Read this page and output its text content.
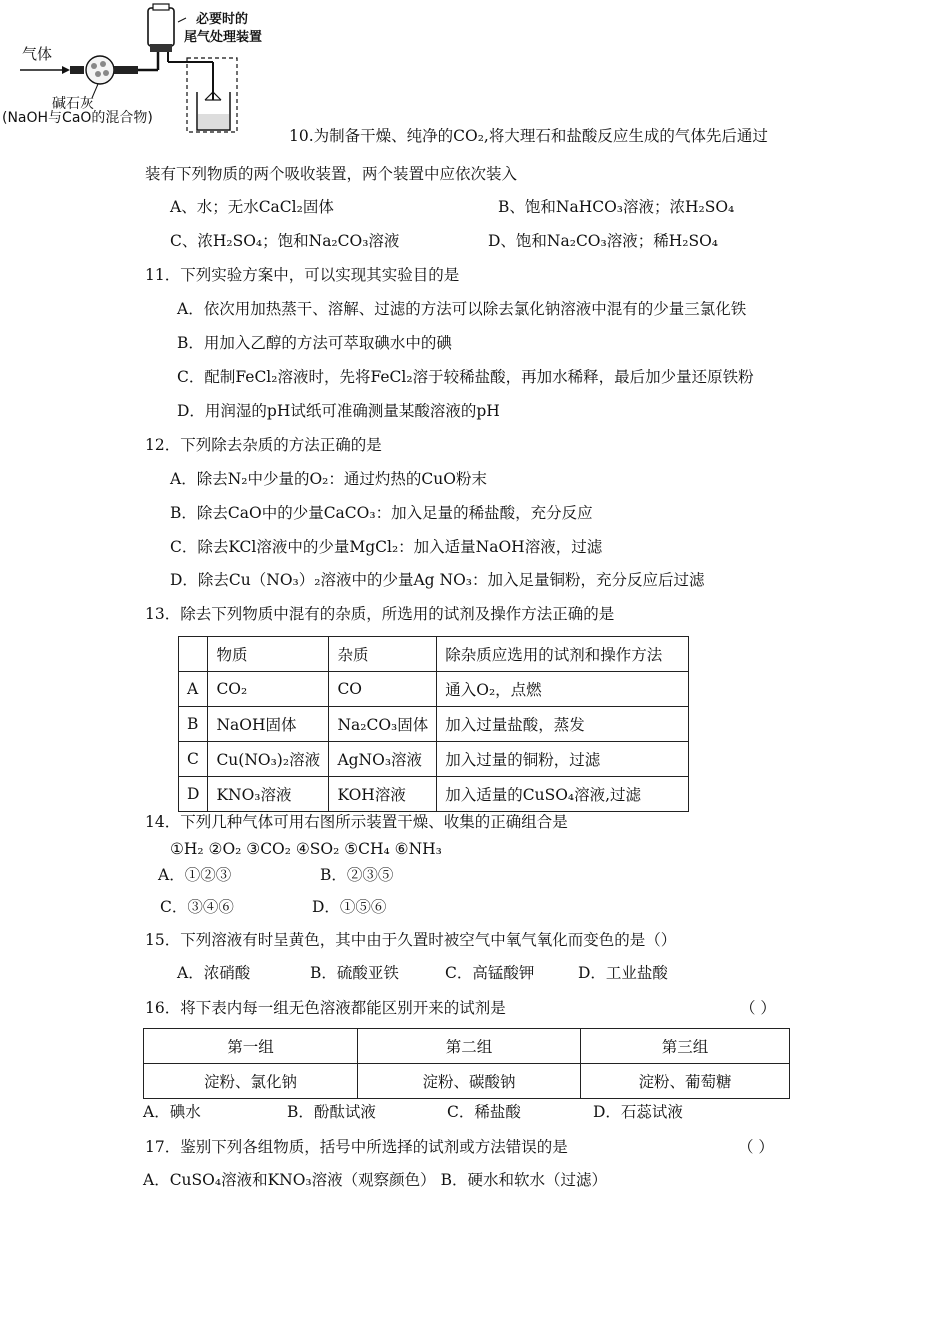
气体
碱石灰
(NaOH与CaO的混合物)
必要时的
尾气处理装置
10.为制备干燥、纯净的CO₂,将大理石和盐酸反应生成的气体先后通过
装有下列物质的两个吸收装置，两个装置中应依次装入
A、水；无水CaCl₂固体	B、饱和NaHCO₃溶液；浓H₂SO₄
C、浓H₂SO₄；饱和Na₂CO₃溶液	D、饱和Na₂CO₃溶液；稀H₂SO₄
11．下列实验方案中，可以实现其实验目的是
A．依次用加热蒸干、溶解、过滤的方法可以除去氯化钠溶液中混有的少量三氯化铁
B．用加入乙醇的方法可萃取碘水中的碘
C．配制FeCl₂溶液时，先将FeCl₂溶于较稀盐酸，再加水稀释，最后加少量还原铁粉
D．用润湿的pH试纸可准确测量某酸溶液的pH
12．下列除去杂质的方法正确的是
A．除去N₂中少量的O₂：通过灼热的CuO粉末
B．除去CaO中的少量CaCO₃：加入足量的稀盐酸，充分反应
C．除去KCl溶液中的少量MgCl₂：加入适量NaOH溶液，过滤
D．除去Cu（NO₃）₂溶液中的少量Ag NO₃：加入足量铜粉，充分反应后过滤
13．除去下列物质中混有的杂质，所选用的试剂及操作方法正确的是
	物质	杂质	除杂质应选用的试剂和操作方法
A	CO₂	CO	通入O₂，点燃
B	NaOH固体	Na₂CO₃固体	加入过量盐酸，蒸发
C	Cu(NO₃)₂溶液	AgNO₃溶液	加入过量的铜粉，过滤
D	KNO₃溶液	KOH溶液	加入适量的CuSO₄溶液,过滤
14．下列几种气体可用右图所示装置干燥、收集的正确组合是
①H₂ ②O₂ ③CO₂ ④SO₂ ⑤CH₄ ⑥NH₃
A．①②③	B．②③⑤
C．③④⑥	D．①⑤⑥
15．下列溶液有时呈黄色，其中由于久置时被空气中氧气氧化而变色的是（）
A．浓硝酸	B．硫酸亚铁	C．高锰酸钾	D．工业盐酸
16．将下表内每一组无色溶液都能区别开来的试剂是	（ ）
第一组	第二组	第三组
淀粉、氯化钠	淀粉、碳酸钠	淀粉、葡萄糖
A．碘水	B．酚酞试液	C．稀盐酸	D．石蕊试液
17．鉴别下列各组物质，括号中所选择的试剂或方法错误的是	（ ）
A．CuSO₄溶液和KNO₃溶液（观察颜色） B．硬水和软水（过滤）
